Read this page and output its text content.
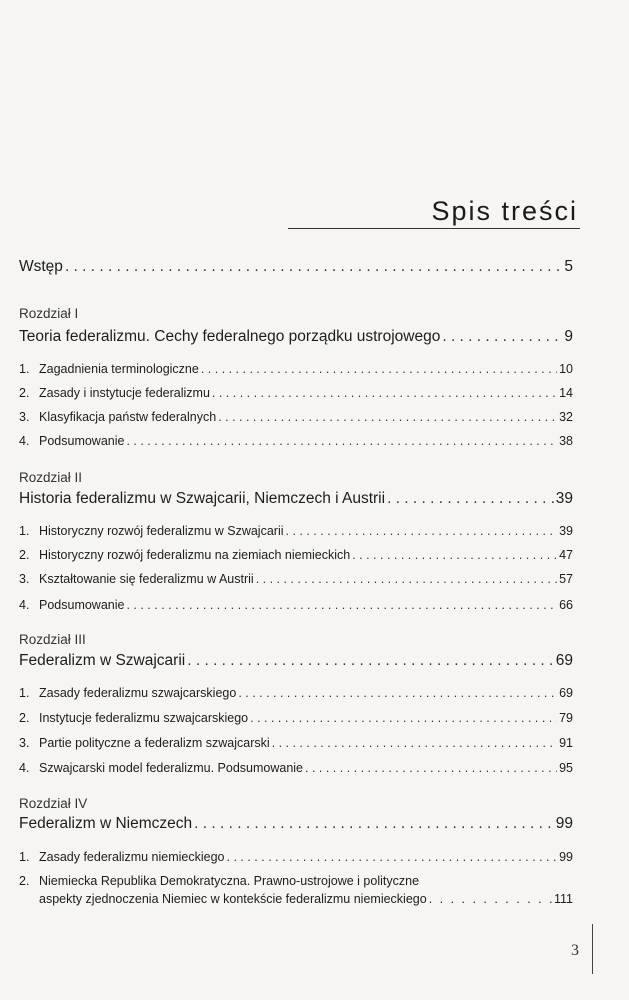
Spis treści
Wstęp . . .	5
Rozdział I
Teoria federalizmu. Cechy federalnego porządku ustrojowego . . .	9
1. Zagadnienia terminologiczne . . .	10
2. Zasady i instytucje federalizmu . . .	14
3. Klasyfikacja państw federalnych . . .	32
4. Podsumowanie . . .	38
Rozdział II
Historia federalizmu w Szwajcarii, Niemczech i Austrii . . .	39
1. Historyczny rozwój federalizmu w Szwajcarii . . .	39
2. Historyczny rozwój federalizmu na ziemiach niemieckich . . .	47
3. Kształtowanie się federalizmu w Austrii . . .	57
4. Podsumowanie . . .	66
Rozdział III
Federalizm w Szwajcarii . . .	69
1. Zasady federalizmu szwajcarskiego . . .	69
2. Instytucje federalizmu szwajcarskiego . . .	79
3. Partie polityczne a federalizm szwajcarski . . .	91
4. Szwajcarski model federalizmu. Podsumowanie . . .	95
Rozdział IV
Federalizm w Niemczech . . .	99
1. Zasady federalizmu niemieckiego . . .	99
2. Niemiecka Republika Demokratyczna. Prawno-ustrojowe i polityczne
aspekty zjednoczenia Niemiec w kontekście federalizmu niemieckiego . . .	111
3
